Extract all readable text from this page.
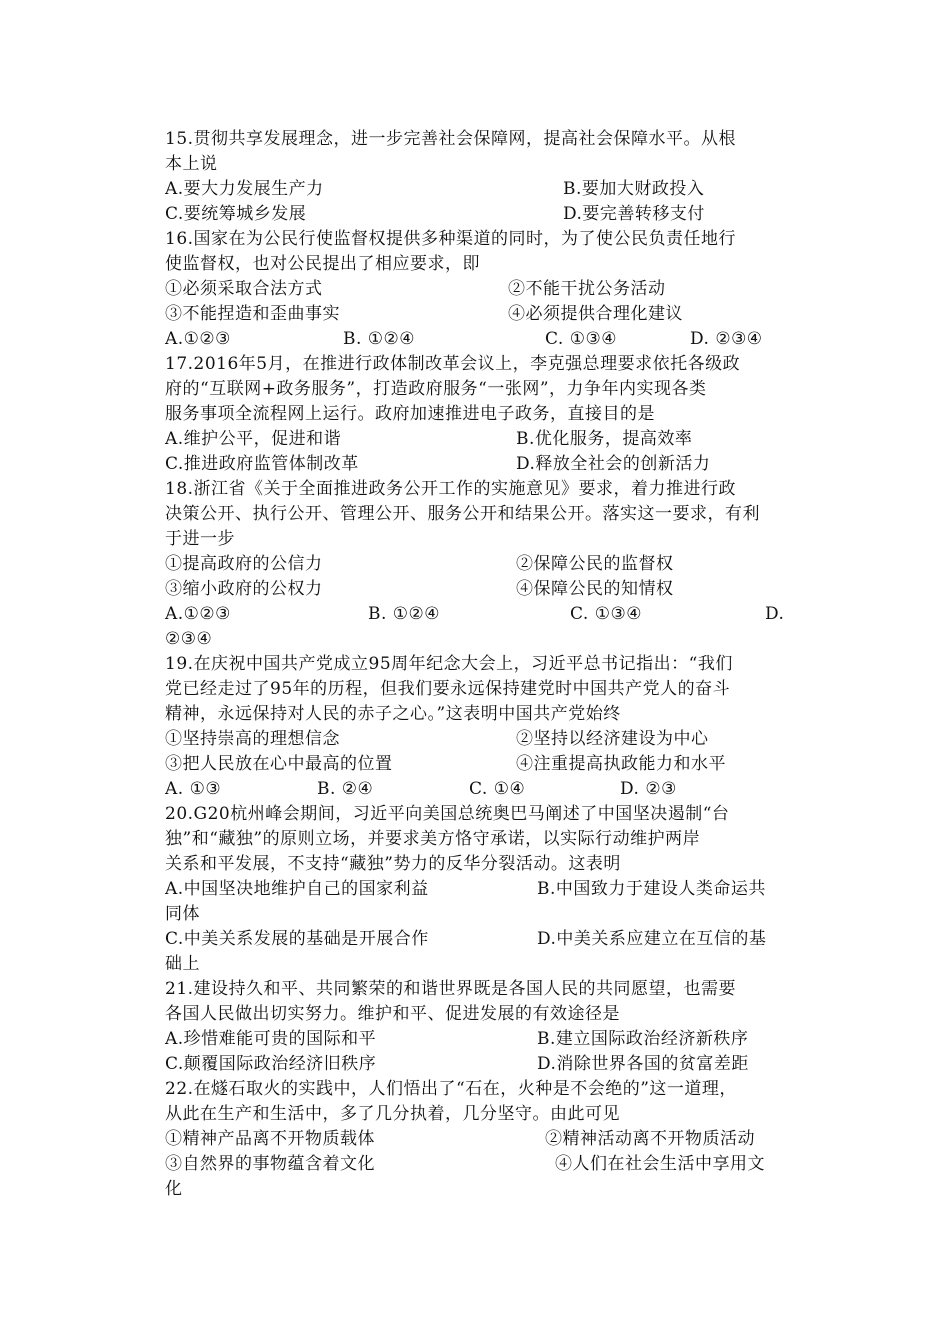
15.贯彻共享发展理念，进一步完善社会保障网，提高社会保障水平。从根
本上说
A.要大力发展生产力	B.要加大财政投入
C.要统筹城乡发展	D.要完善转移支付
16.国家在为公民行使监督权提供多种渠道的同时，为了使公民负责任地行
使监督权，也对公民提出了相应要求，即
①必须采取合法方式	②不能干扰公务活动
③不能捏造和歪曲事实	④必须提供合理化建议
A.①②③	B. ①②④	C. ①③④	D. ②③④
17.2016年5月，在推进行政体制改革会议上，李克强总理要求依托各级政
府的“互联网+政务服务”，打造政府服务“一张网”，力争年内实现各类
服务事项全流程网上运行。政府加速推进电子政务，直接目的是
A.维护公平，促进和谐	B.优化服务，提高效率
C.推进政府监管体制改革	D.释放全社会的创新活力
18.浙江省《关于全面推进政务公开工作的实施意见》要求，着力推进行政
决策公开、执行公开、管理公开、服务公开和结果公开。落实这一要求，有利
于进一步
①提高政府的公信力	②保障公民的监督权
③缩小政府的公权力	④保障公民的知情权
A.①②③	B. ①②④	C. ①③④	D.
②③④
19.在庆祝中国共产党成立95周年纪念大会上，习近平总书记指出：“我们
党已经走过了95年的历程，但我们要永远保持建党时中国共产党人的奋斗
精神，永远保持对人民的赤子之心。”这表明中国共产党始终
①坚持崇高的理想信念	②坚持以经济建设为中心
③把人民放在心中最高的位置	④注重提高执政能力和水平
A. ①③	B. ②④	C. ①④	D. ②③
20.G20杭州峰会期间，习近平向美国总统奥巴马阐述了中国坚决遏制“台
独”和“藏独”的原则立场，并要求美方恪守承诺，以实际行动维护两岸
关系和平发展，不支持“藏独”势力的反华分裂活动。这表明
A.中国坚决地维护自己的国家利益	B.中国致力于建设人类命运共
同体
C.中美关系发展的基础是开展合作	D.中美关系应建立在互信的基
础上
21.建设持久和平、共同繁荣的和谐世界既是各国人民的共同愿望，也需要
各国人民做出切实努力。维护和平、促进发展的有效途径是
A.珍惜难能可贵的国际和平	B.建立国际政治经济新秩序
C.颠覆国际政治经济旧秩序	D.消除世界各国的贫富差距
22.在燧石取火的实践中，人们悟出了“石在，火种是不会绝的”这一道理，
从此在生产和生活中，多了几分执着，几分坚守。由此可见
①精神产品离不开物质载体	②精神活动离不开物质活动
③自然界的事物蕴含着文化	④人们在社会生活中享用文
化
